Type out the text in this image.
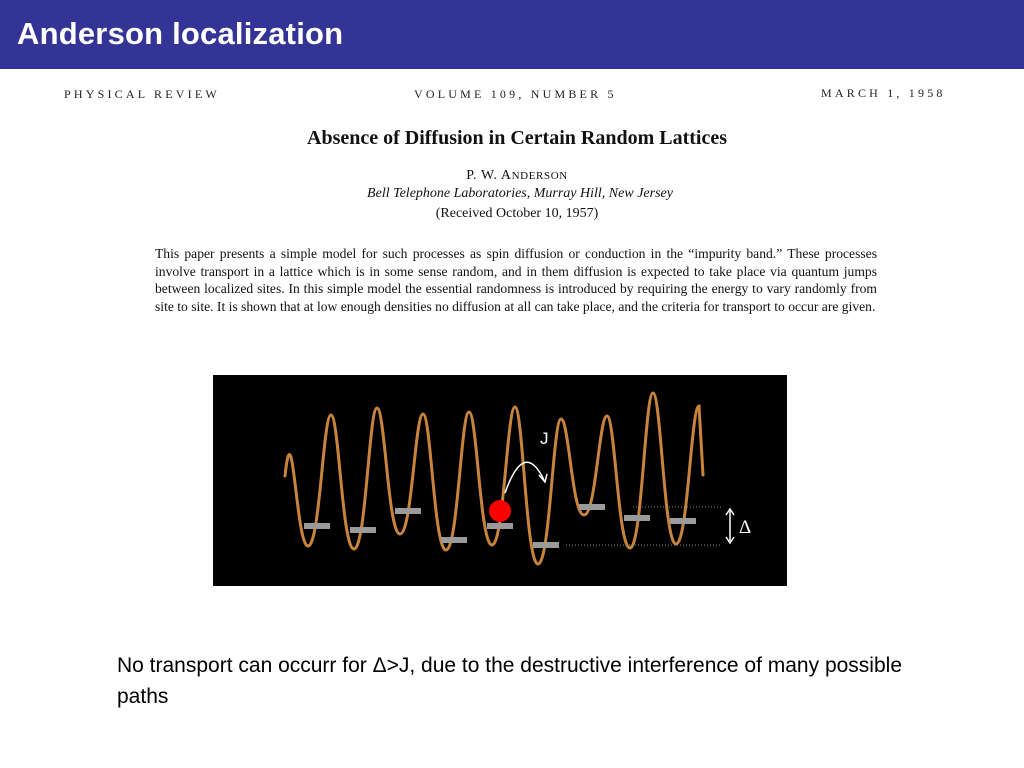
Anderson localization
PHYSICAL REVIEW	VOLUME 109, NUMBER 5	MARCH 1, 1958
Absence of Diffusion in Certain Random Lattices
P. W. ANDERSON
Bell Telephone Laboratories, Murray Hill, New Jersey
(Received October 10, 1957)
This paper presents a simple model for such processes as spin diffusion or conduction in the “impurity band.” These processes involve transport in a lattice which is in some sense random, and in them diffusion is expected to take place via quantum jumps between localized sites. In this simple model the essential randomness is introduced by requiring the energy to vary randomly from site to site. It is shown that at low enough densities no diffusion at all can take place, and the criteria for transport to occur are given.
Δ
J
No transport can occurr for Δ>J, due to the destructive interference of many possible paths
